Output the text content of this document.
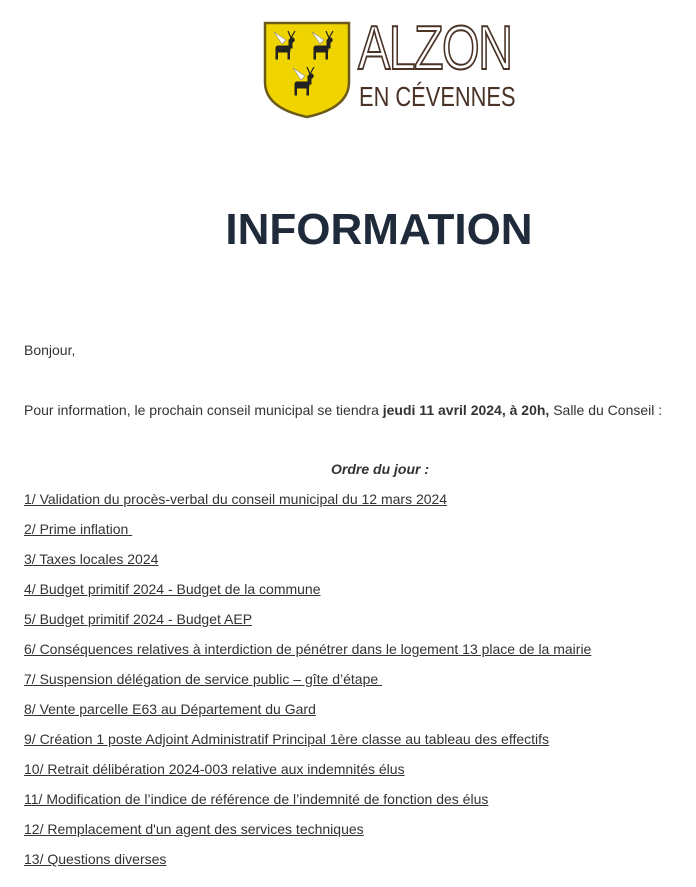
ALZON
EN CÉVENNES
INFORMATION

Bonjour,

Pour information, le prochain conseil municipal se tiendra jeudi 11 avril 2024, à 20h, Salle du Conseil :

Ordre du jour :

1/ Validation du procès-verbal du conseil municipal du 12 mars 2024
2/ Prime inflation
3/ Taxes locales 2024
4/ Budget primitif 2024 - Budget de la commune
5/ Budget primitif 2024 - Budget AEP
6/ Conséquences relatives à interdiction de pénétrer dans le logement 13 place de la mairie
7/ Suspension délégation de service public – gîte d’étape
8/ Vente parcelle E63 au Département du Gard
9/ Création 1 poste Adjoint Administratif Principal 1ère classe au tableau des effectifs
10/ Retrait délibération 2024-003 relative aux indemnités élus
11/ Modification de l’indice de référence de l’indemnité de fonction des élus
12/ Remplacement d'un agent des services techniques
13/ Questions diverses
